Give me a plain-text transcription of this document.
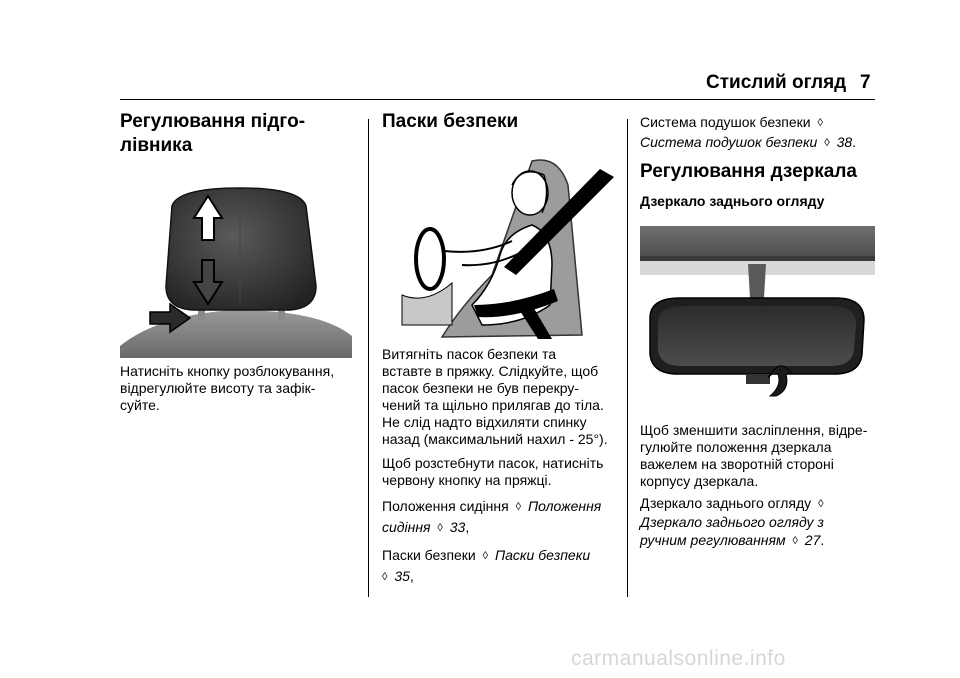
Стислий огляд 7
Регулювання підго-
лівника
Натисніть кнопку розблокування,
відрегулюйте висоту та зафік-
суйте.
Паски безпеки
Витягніть пасок безпеки та
вставте в пряжку. Слідкуйте, щоб
пасок безпеки не був перекру-
чений та щільно прилягав до тіла.
Не слід надто відхиляти спинку
назад (максимальний нахил - 25°).
Щоб розстебнути пасок, натисніть
червону кнопку на пряжці.
Положення сидіння ◊ Положення
сидіння ◊ 33,
Паски безпеки ◊ Паски безпеки
◊ 35,
Система подушок безпеки ◊
Система подушок безпеки ◊ 38.
Регулювання дзеркала
Дзеркало заднього огляду
Щоб зменшити засліплення, відре-
гулюйте положення дзеркала
важелем на зворотній стороні
корпусу дзеркала.
Дзеркало заднього огляду ◊
Дзеркало заднього огляду з
ручним регулюванням ◊ 27.
carmanualsonline.info
